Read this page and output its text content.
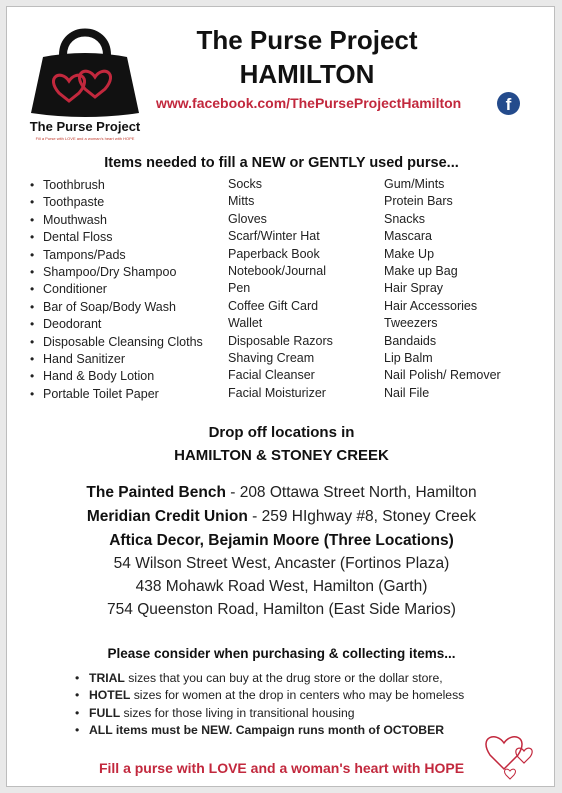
The Purse Project
Fill a Purse with LOVE and a woman's heart with HOPE
The Purse Project
HAMILTON
www.facebook.com/ThePurseProjectHamilton	f
Items needed to fill a NEW or GENTLY used purse...
• Toothbrush
• Toothpaste
• Mouthwash
• Dental Floss
• Tampons/Pads
• Shampoo/Dry Shampoo
• Conditioner
• Bar of Soap/Body Wash
• Deodorant
• Disposable Cleansing Cloths
• Hand Sanitizer
• Hand & Body Lotion
• Portable Toilet Paper
Socks
Mitts
Gloves
Scarf/Winter Hat
Paperback Book
Notebook/Journal
Pen
Coffee Gift Card
Wallet
Disposable Razors
Shaving Cream
Facial Cleanser
Facial Moisturizer
Gum/Mints
Protein Bars
Snacks
Mascara
Make Up
Make up Bag
Hair Spray
Hair Accessories
Tweezers
Bandaids
Lip Balm
Nail Polish/ Remover
Nail File
Drop off locations in
HAMILTON & STONEY CREEK
The Painted Bench - 208 Ottawa Street North, Hamilton
Meridian Credit Union - 259 HIghway #8, Stoney Creek
Aftica Decor, Bejamin Moore (Three Locations)
54 Wilson Street West, Ancaster (Fortinos Plaza)
438 Mohawk Road West, Hamilton (Garth)
754 Queenston Road, Hamilton (East Side Marios)
Please consider when purchasing & collecting items...
• TRIAL sizes that you can buy at the drug store or the dollar store,
• HOTEL sizes for women at the drop in centers who may be homeless
• FULL sizes for those living in transitional housing
• ALL items must be NEW. Campaign runs month of OCTOBER
Fill a purse with LOVE and a woman's heart with HOPE
